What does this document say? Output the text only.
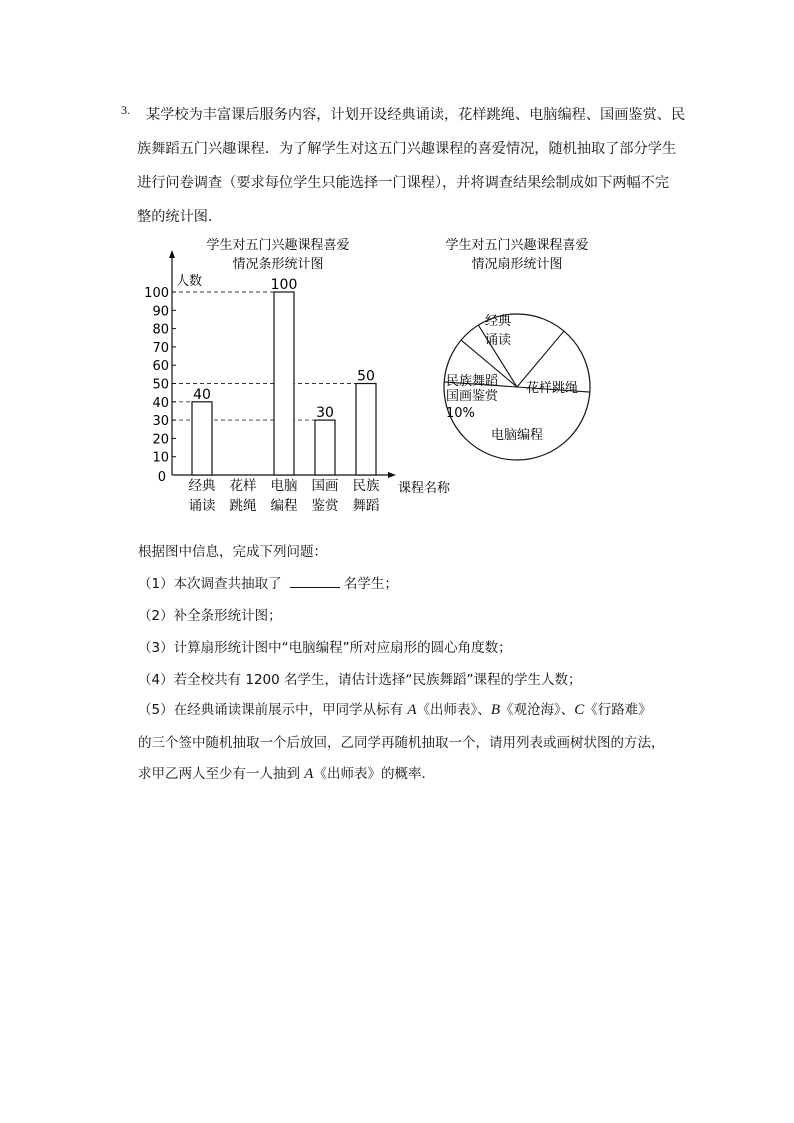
3. 某学校为丰富课后服务内容，计划开设经典诵读，花样跳绳、电脑编程、国画鉴赏、民
族舞蹈五门兴趣课程．为了解学生对这五门兴趣课程的喜爱情况，随机抽取了部分学生
进行问卷调查（要求每位学生只能选择一门课程），并将调查结果绘制成如下两幅不完
整的统计图．
学生对五门兴趣课程喜爱
情况条形统计图
人数
课程名称
0
10
20
30
40
50
60
70
80
90
100
40
经典
诵读
花样
跳绳
100
电脑
编程
30
国画
鉴赏
50
民族
舞蹈
学生对五门兴趣课程喜爱
情况扇形统计图
经典
诵读
花样跳绳
电脑编程
国画鉴赏
10%
民族舞蹈
根据图中信息，完成下列问题：
（1）本次调查共抽取了	名学生；
（2）补全条形统计图；
（3）计算扇形统计图中“电脑编程”所对应扇形的圆心角度数；
（4）若全校共有 1200 名学生，请估计选择“民族舞蹈”课程的学生人数；
（5）在经典诵读课前展示中，甲同学从标有 A《出师表》、B《观沧海》、C《行路难》
的三个签中随机抽取一个后放回，乙同学再随机抽取一个，请用列表或画树状图的方法，
求甲乙两人至少有一人抽到 A《出师表》的概率．
